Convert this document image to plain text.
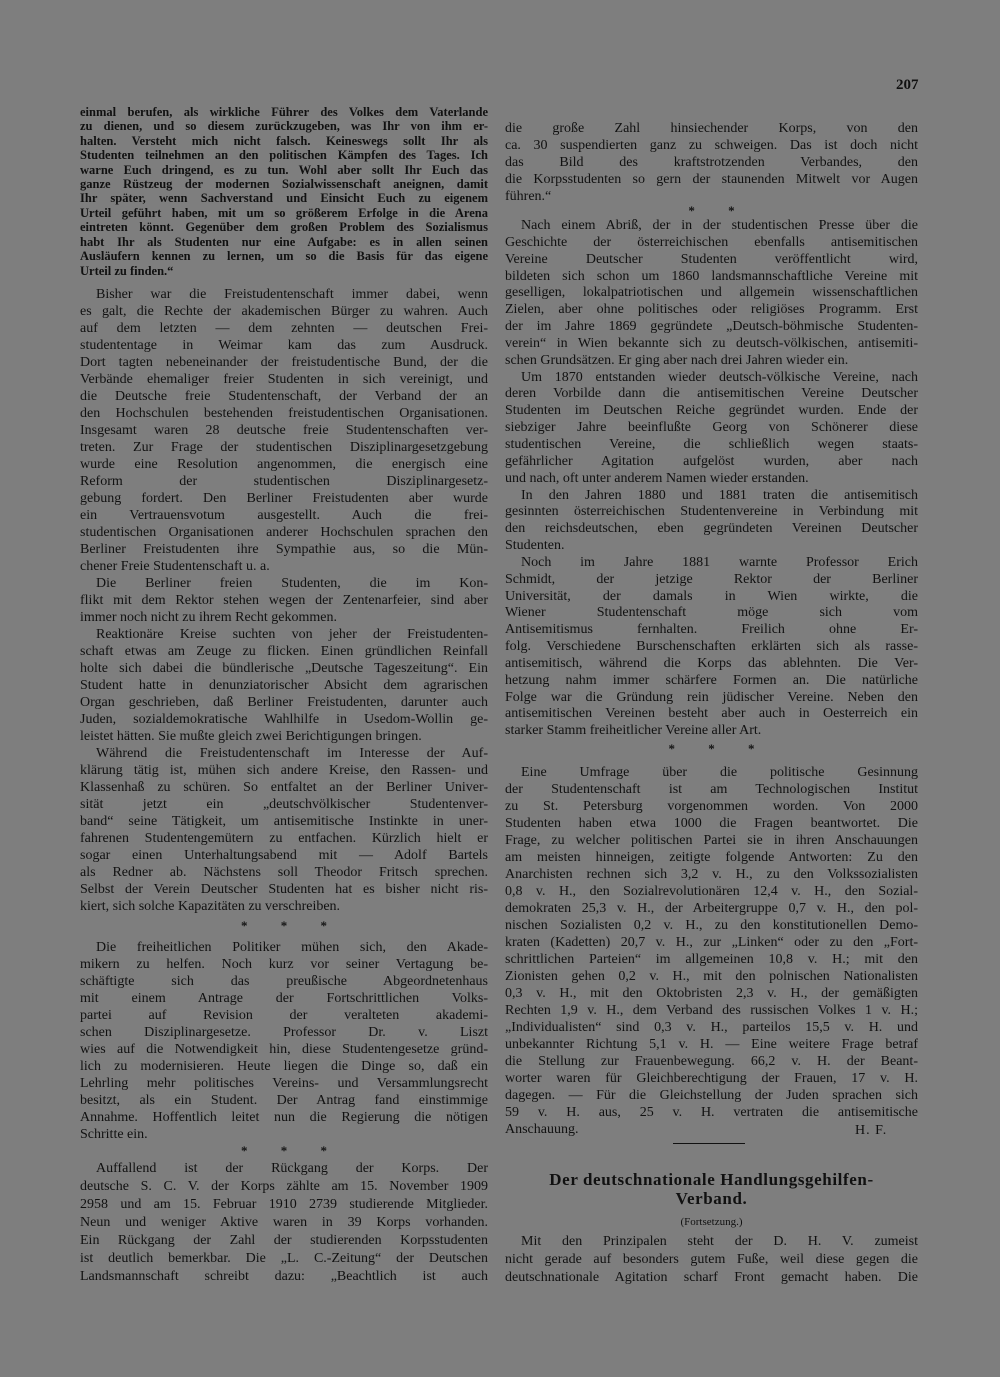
207
einmal berufen, als wirkliche Führer des Volkes dem Vaterlande
zu dienen, und so diesem zurückzugeben, was Ihr von ihm er-
halten. Versteht mich nicht falsch. Keineswegs sollt Ihr als
Studenten teilnehmen an den politischen Kämpfen des Tages. Ich
warne Euch dringend, es zu tun. Wohl aber sollt Ihr Euch das
ganze Rüstzeug der modernen Sozialwissenschaft aneignen, damit
Ihr später, wenn Sachverstand und Einsicht Euch zu eigenem
Urteil geführt haben, mit um so größerem Erfolge in die Arena
eintreten könnt. Gegenüber dem großen Problem des Sozialismus
habt Ihr als Studenten nur eine Aufgabe: es in allen seinen
Ausläufern kennen zu lernen, um so die Basis für das eigene
Urteil zu finden.“
Bisher war die Freistudentenschaft immer dabei, wenn
es galt, die Rechte der akademischen Bürger zu wahren. Auch
auf dem letzten — dem zehnten — deutschen Frei-
studententage in Weimar kam das zum Ausdruck.
Dort tagten nebeneinander der freistudentische Bund, der die
Verbände ehemaliger freier Studenten in sich vereinigt, und
die Deutsche freie Studentenschaft, der Verband der an
den Hochschulen bestehenden freistudentischen Organisationen.
Insgesamt waren 28 deutsche freie Studentenschaften ver-
treten. Zur Frage der studentischen Disziplinargesetzgebung
wurde eine Resolution angenommen, die energisch eine
Reform der studentischen Disziplinargesetz-
gebung fordert. Den Berliner Freistudenten aber wurde
ein Vertrauensvotum ausgestellt. Auch die frei-
studentischen Organisationen anderer Hochschulen sprachen den
Berliner Freistudenten ihre Sympathie aus, so die Mün-
chener Freie Studentenschaft u. a.
Die Berliner freien Studenten, die im Kon-
flikt mit dem Rektor stehen wegen der Zentenarfeier, sind aber
immer noch nicht zu ihrem Recht gekommen.
Reaktionäre Kreise suchten von jeher der Freistudenten-
schaft etwas am Zeuge zu flicken. Einen gründlichen Reinfall
holte sich dabei die bündlerische „Deutsche Tageszeitung“. Ein
Student hatte in denunziatorischer Absicht dem agrarischen
Organ geschrieben, daß Berliner Freistudenten, darunter auch
Juden, sozialdemokratische Wahlhilfe in Usedom-Wollin ge-
leistet hätten. Sie mußte gleich zwei Berichtigungen bringen.
Während die Freistudentenschaft im Interesse der Auf-
klärung tätig ist, mühen sich andere Kreise, den Rassen- und
Klassenhaß zu schüren. So entfaltet an der Berliner Univer-
sität jetzt ein „deutschvölkischer Studentenver-
band“ seine Tätigkeit, um antisemitische Instinkte in uner-
fahrenen Studentengemütern zu entfachen. Kürzlich hielt er
sogar einen Unterhaltungsabend mit — Adolf Bartels
als Redner ab. Nächstens soll Theodor Fritsch sprechen.
Selbst der Verein Deutscher Studenten hat es bisher nicht ris-
kiert, sich solche Kapazitäten zu verschreiben.
* * *
Die freiheitlichen Politiker mühen sich, den Akade-
mikern zu helfen. Noch kurz vor seiner Vertagung be-
schäftigte sich das preußische Abgeordnetenhaus
mit einem Antrage der Fortschrittlichen Volks-
partei auf Revision der veralteten akademi-
schen Disziplinargesetze. Professor Dr. v. Liszt
wies auf die Notwendigkeit hin, diese Studentengesetze gründ-
lich zu modernisieren. Heute liegen die Dinge so, daß ein
Lehrling mehr politisches Vereins- und Versammlungsrecht
besitzt, als ein Student. Der Antrag fand einstimmige
Annahme. Hoffentlich leitet nun die Regierung die nötigen
Schritte ein.
* * *
Auffallend ist der Rückgang der Korps. Der
deutsche S. C. V. der Korps zählte am 15. November 1909
2958 und am 15. Februar 1910 2739 studierende Mitglieder.
Neun und weniger Aktive waren in 39 Korps vorhanden.
Ein Rückgang der Zahl der studierenden Korpsstudenten
ist deutlich bemerkbar. Die „L. C.-Zeitung“ der Deutschen
Landsmannschaft schreibt dazu: „Beachtlich ist auch
die große Zahl hinsiechender Korps, von den
ca. 30 suspendierten ganz zu schweigen. Das ist doch nicht
das Bild des kraftstrotzenden Verbandes, den
die Korpsstudenten so gern der staunenden Mitwelt vor Augen
führen.“
* *
Nach einem Abriß, der in der studentischen Presse über die
Geschichte der österreichischen ebenfalls antisemitischen
Vereine Deutscher Studenten veröffentlicht wird,
bildeten sich schon um 1860 landsmannschaftliche Vereine mit
geselligen, lokalpatriotischen und allgemein wissenschaftlichen
Zielen, aber ohne politisches oder religiöses Programm. Erst
der im Jahre 1869 gegründete „Deutsch-böhmische Studenten-
verein“ in Wien bekannte sich zu deutsch-völkischen, antisemiti-
schen Grundsätzen. Er ging aber nach drei Jahren wieder ein.
Um 1870 entstanden wieder deutsch-völkische Vereine, nach
deren Vorbilde dann die antisemitischen Vereine Deutscher
Studenten im Deutschen Reiche gegründet wurden. Ende der
siebziger Jahre beeinflußte Georg von Schönerer diese
studentischen Vereine, die schließlich wegen staats-
gefährlicher Agitation aufgelöst wurden, aber nach
und nach, oft unter anderem Namen wieder erstanden.
In den Jahren 1880 und 1881 traten die antisemitisch
gesinnten österreichischen Studentenvereine in Verbindung mit
den reichsdeutschen, eben gegründeten Vereinen Deutscher
Studenten.
Noch im Jahre 1881 warnte Professor Erich
Schmidt, der jetzige Rektor der Berliner
Universität, der damals in Wien wirkte, die
Wiener Studentenschaft möge sich vom
Antisemitismus fernhalten. Freilich ohne Er-
folg. Verschiedene Burschenschaften erklärten sich als rasse-
antisemitisch, während die Korps das ablehnten. Die Ver-
hetzung nahm immer schärfere Formen an. Die natürliche
Folge war die Gründung rein jüdischer Vereine. Neben den
antisemitischen Vereinen besteht aber auch in Oesterreich ein
starker Stamm freiheitlicher Vereine aller Art.
* * *
Eine Umfrage über die politische Gesinnung
der Studentenschaft ist am Technologischen Institut
zu St. Petersburg vorgenommen worden. Von 2000
Studenten haben etwa 1000 die Fragen beantwortet. Die
Frage, zu welcher politischen Partei sie in ihren Anschauungen
am meisten hinneigen, zeitigte folgende Antworten: Zu den
Anarchisten rechnen sich 3,2 v. H., zu den Volkssozialisten
0,8 v. H., den Sozialrevolutionären 12,4 v. H., den Sozial-
demokraten 25,3 v. H., der Arbeitergruppe 0,7 v. H., den pol-
nischen Sozialisten 0,2 v. H., zu den konstitutionellen Demo-
kraten (Kadetten) 20,7 v. H., zur „Linken“ oder zu den „Fort-
schrittlichen Parteien“ im allgemeinen 10,8 v. H.; mit den
Zionisten gehen 0,2 v. H., mit den polnischen Nationalisten
0,3 v. H., mit den Oktobristen 2,3 v. H., der gemäßigten
Rechten 1,9 v. H., dem Verband des russischen Volkes 1 v. H.;
„Individualisten“ sind 0,3 v. H., parteilos 15,5 v. H. und
unbekannter Richtung 5,1 v. H. — Eine weitere Frage betraf
die Stellung zur Frauenbewegung. 66,2 v. H. der Beant-
worter waren für Gleichberechtigung der Frauen, 17 v. H.
dagegen. — Für die Gleichstellung der Juden sprachen sich
59 v. H. aus, 25 v. H. vertraten die antisemitische
Anschauung.	H. F.
Der deutschnationale Handlungsgehilfen-
Verband.
(Fortsetzung.)
Mit den Prinzipalen steht der D. H. V. zumeist
nicht gerade auf besonders gutem Fuße, weil diese gegen die
deutschnationale Agitation scharf Front gemacht haben. Die
